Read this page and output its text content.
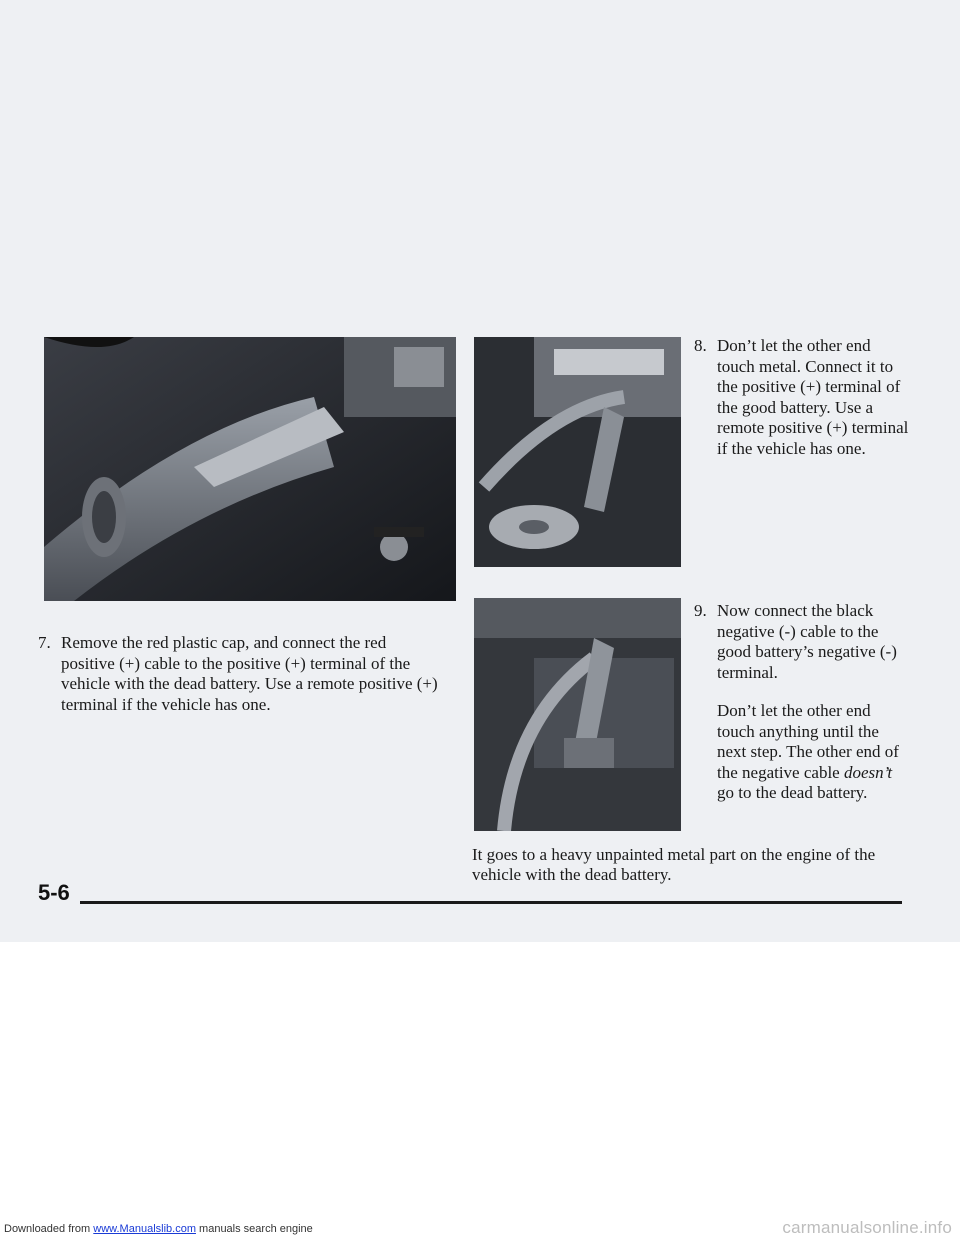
7. Remove the red plastic cap, and connect the red positive (+) cable to the positive (+) terminal of the vehicle with the dead battery. Use a remote positive (+) terminal if the vehicle has one.

8. Don’t let the other end touch metal. Connect it to the positive (+) terminal of the good battery. Use a remote positive (+) terminal if the vehicle has one.

9. Now connect the black negative (-) cable to the good battery’s negative (-) terminal.

Don’t let the other end touch anything until the next step. The other end of the negative cable doesn’t go to the dead battery.

It goes to a heavy unpainted metal part on the engine of the vehicle with the dead battery.

5-6
Downloaded from www.Manualslib.com manuals search engine	carmanualsonline.info
